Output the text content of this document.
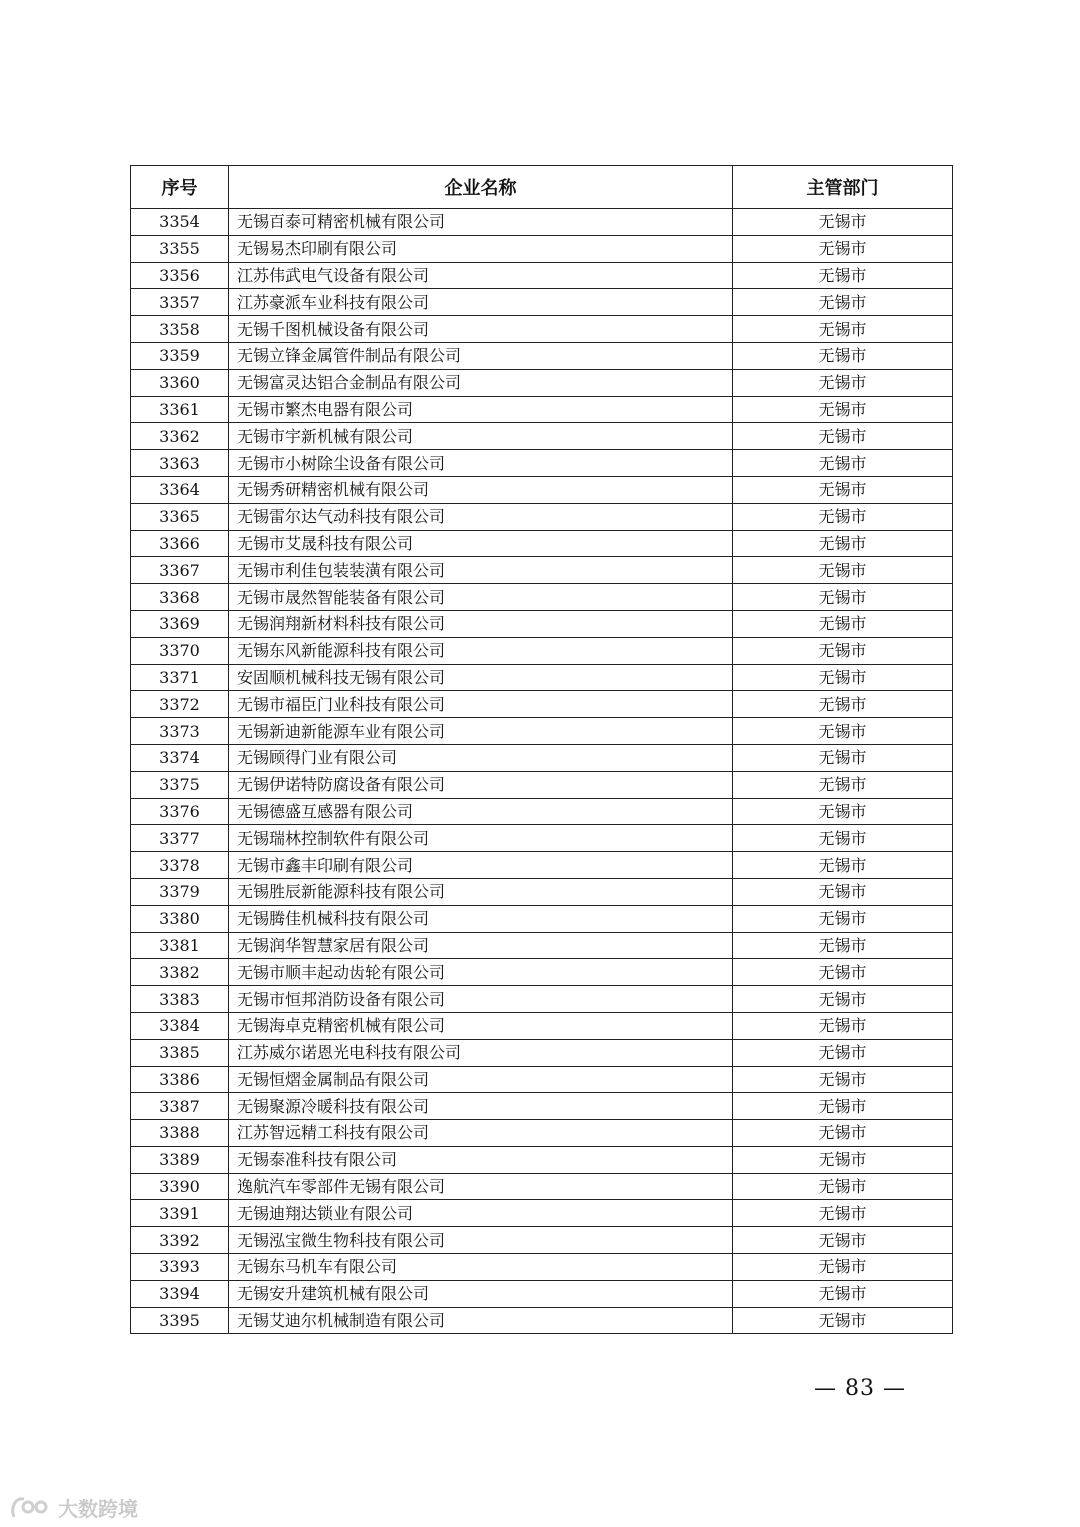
序号	企业名称	主管部门
3354	无锡百泰可精密机械有限公司	无锡市
3355	无锡易杰印刷有限公司	无锡市
3356	江苏伟武电气设备有限公司	无锡市
3357	江苏豪派车业科技有限公司	无锡市
3358	无锡千图机械设备有限公司	无锡市
3359	无锡立锋金属管件制品有限公司	无锡市
3360	无锡富灵达铝合金制品有限公司	无锡市
3361	无锡市繁杰电器有限公司	无锡市
3362	无锡市宇新机械有限公司	无锡市
3363	无锡市小树除尘设备有限公司	无锡市
3364	无锡秀研精密机械有限公司	无锡市
3365	无锡雷尔达气动科技有限公司	无锡市
3366	无锡市艾晟科技有限公司	无锡市
3367	无锡市利佳包装装潢有限公司	无锡市
3368	无锡市晟然智能装备有限公司	无锡市
3369	无锡润翔新材料科技有限公司	无锡市
3370	无锡东风新能源科技有限公司	无锡市
3371	安固顺机械科技无锡有限公司	无锡市
3372	无锡市福臣门业科技有限公司	无锡市
3373	无锡新迪新能源车业有限公司	无锡市
3374	无锡顾得门业有限公司	无锡市
3375	无锡伊诺特防腐设备有限公司	无锡市
3376	无锡德盛互感器有限公司	无锡市
3377	无锡瑞林控制软件有限公司	无锡市
3378	无锡市鑫丰印刷有限公司	无锡市
3379	无锡胜辰新能源科技有限公司	无锡市
3380	无锡腾佳机械科技有限公司	无锡市
3381	无锡润华智慧家居有限公司	无锡市
3382	无锡市顺丰起动齿轮有限公司	无锡市
3383	无锡市恒邦消防设备有限公司	无锡市
3384	无锡海卓克精密机械有限公司	无锡市
3385	江苏威尔诺恩光电科技有限公司	无锡市
3386	无锡恒熠金属制品有限公司	无锡市
3387	无锡聚源冷暖科技有限公司	无锡市
3388	江苏智远精工科技有限公司	无锡市
3389	无锡泰准科技有限公司	无锡市
3390	逸航汽车零部件无锡有限公司	无锡市
3391	无锡迪翔达锁业有限公司	无锡市
3392	无锡泓宝微生物科技有限公司	无锡市
3393	无锡东马机车有限公司	无锡市
3394	无锡安升建筑机械有限公司	无锡市
3395	无锡艾迪尔机械制造有限公司	无锡市
— 83 —
大数跨境
